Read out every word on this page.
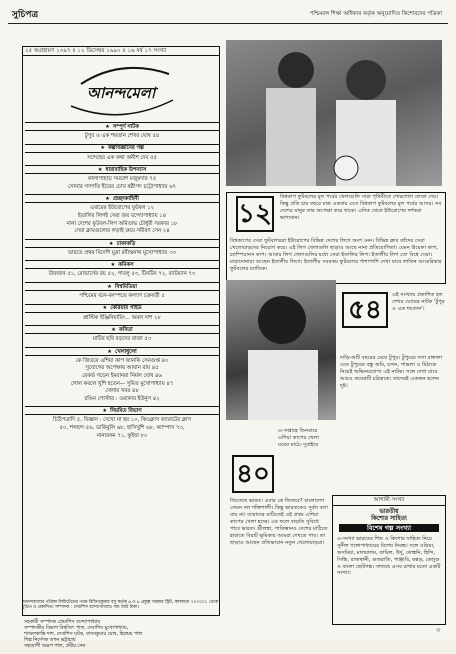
সুচিপত্র	পশ্চিমবঙ্গ শিক্ষা অধিকার কর্তৃক অনুমোদিত কিশোরদের পত্রিকা
২৫ অগ্রহায়ণ ১৩৯৭ ॥ ১২ ডিসেম্বর ১৯৯০ ॥ ১৬ বর্ষ ১৭ সংখ্যা
আনন্দমেলা
★ সম্পূর্ণ নাটক
টুপুর ও এক শয়তান শেখর ঘোষ ৫৪
★ কল্পবিজ্ঞানের গল্প
সন্দেহের এক কথা অনীশ দেব ৫৫
★ ধারাবাহিক উপন্যাস
কালাপাহাড় সমরেশ মজুমদার ৭৫
সোনার গণপতি হীরের চোখ ষষ্ঠীপদ চট্টোপাধ্যায় ৬৭
★ প্রচ্ছদকাহিনী
এবারের ইউরোপের ফুটবল ১২
ইতালির লিগই সেরা জয় বন্দ্যোপাধ্যায় ১৪
নানা দেশের ফুটবল-লিগ অমিতাভ চৌধুরী সরকার ১৮
সেরা ক্লাবগুলোর লড়াই ক্রমে সমীরণ সেন ২৪
★ ঢাকাকড়ি
ভারতে প্রথম বিদেশি মুদ্রা রবীন্দ্রনাথ মুখোপাধ্যায় ৩৩
★ কমিকস
টারজান ৫১, রোভার্সের রয় ৫২, গাবলু ৫৩, টিনটিন ৭২, ব্যাটম্যান ৭৩
★ বিশ্বমিডিয়া
পশ্চিমের বনে-বনস্পতে কল্যাণ চক্রবর্তী ৫
★ কেরিয়ার গাইড
প্লাস্টিক ইঞ্জিনিয়ারিং... অমল দাশ ২৮
★ কবিতা
মাটির ছবি বড়দের রাজা ৫৩
★ খেলাধুলো
কে জিতবে এশিয়া কাপ জানকি সেনগুপ্ত ৪০
সুযোগের অপেক্ষায় আয়ান রায় ৪৫
রেকর্ড গড়েন ইমরানরা নির্মল ঘোষ ৪৬
গোল করলে খুশি হতেন— সুমিত মুখোপাধ্যায় ৪৭
খেলার খবর ৪৮
রঙিন পোস্টার : ওয়াকার ইউনুস ৪২
★ নিয়মিত বিভাগ
চিঠিপত্রাদি ৫, বিজ্ঞান : দেখো না হয় ১০, কিওক্লাস ক্যারাটের ক্লাস
৫০, শব্দছন্দ ৫৬, ডাকিবুলি ৬৮, হাসিখুশি ৬৮, ক্যাম্পাস ৭৩,
নানারকম ৭১, কুইজ ৮০
সহকারী সম্পাদক প্রেমাশিস বন্দ্যোপাধ্যায়
সম্পাদকীয় বিভাগ বিশ্বজিৎ পাল, দেবাশিস মুখোপাধ্যায়,
শ্যামলকান্তি দাশ, দেবাশিস ঘটক, বাসবকুমার ঘোষ, হিরন্ময় পাল
শিল্প নির্দেশক তপন ভট্টাচার্য
সহযোগী অরূপ পাল, প্রবীর সেন
১২
বিশ্বকাপ ফুটবলের মূল পর্বের খেলাগুলি সারা পৃথিবীতে শোরগোল ফেলে দেয়। কিন্তু প্রতি চার বছরে মাত্র একবার এসে বিশ্বকাপ ফুটবলের মূল পর্বের আসর। সব দেশের মানুষ তার অপেক্ষা করে থাকে। এদিক থেকে ইউরোপের দর্শকরা ভাগ্যবান।
বিশ্বকাপের সেরা ফুটবলাররা ইউরোপের বিভিন্ন দেশের লিগে অংশ নেন। বিভিন্ন ক্লাব তাঁদের সেরা খেলোয়াড়দের নিয়োগ করে। এই লিগ খেলাগুলি ছাড়াও আছে নানা প্রতিযোগিতা। যেমন উয়েফা কাপ, চ্যাম্পিয়ানস কাপ। আবার লিগ খেলাগুলির মধ্যে সেরা ইতালির লিগ। ইতালীয় লিগ তো বিশ্বে সেরা। মারাদোনারা আছেন ইতালীয় লিগে। ইতালীয় সবরকম ফুটবলের পাশাপাশি দেখা যাবে লাতিন আমেরিকার ফুটবলের ম্যাজিক।
৫৪	এই সংখ্যায় প্রকাশিত হল শেখর ঘোষের নাটক 'টুপুর ও এক শয়তান'।
দাড়ি-অটি বছরের মেয়ে টুপুর। টুপুরের দাদা বাঙ্গালা এবং টুপুরের বন্ধু অমি, চন্দন, পাভলা ও মিঠাকে নিয়েই অভিনয়যোগ্য এই নাটক। সঙ্গে দেখা যাবে আরও কয়েকটি চরিত্রকে। তাদেরই একজন হলেন দুষ্ট।
৪০
এ-সপ্তাহে তিনবারে এশিয়া কাপের খেলা ঘরের মাঠে। দুবাইয়ে
জিতেছে ভারত। এবার কে জিতবে? বাংলাদেশ তেমন দল শক্তিশালী। কিন্তু ভারতকেও দুর্বল বলা যায় না। তারাদের মাঠিতেই এই প্রথম এশিয়া কাপের খেলা হচ্ছে। এর ফলে বাড়তি সুবিধে পাবে ভারত। শ্রীলঙ্কা, পাকিস্তানও দেশের মাঠিতে হারাতে বিরাট ভূমিকায় আমরা দেখতে পাব। তা ছাড়াও আছেন প্রতিভাবান নতুন খেলোয়াড়রা।
আগামী সংখ্যা
ভারতীয়
কিশোর সাহিত্য
বিশেষ গল্প সংখ্যা
এ-সংখ্যা ভারতের শিশু ও কিশোর সাহিত্য নিয়ে সুনীল গঙ্গোপাধ্যায়ের বিশেষ নিবন্ধ। সঙ্গে ওড়িয়া, অসমিয়া, মালয়ালম, তামিল, উর্দু, কোঙ্কনি, হিন্দি, সিন্ধি, রাজস্থানী, গুজরাতি, পাঞ্জাবি, কন্নড়, তেলুগু ও বাংলা ছোটগল্প। সাজছে এসব রাখার মতো একটি সংখ্যা।
আনন্দবাজার পত্রিকা লিমিটেডের পক্ষে বিজিতকুমার বসু কর্তৃক ৬ ও ৯ প্রফুল্ল সরকার স্ট্রিট, কলকাতা ৭০০০০১ থেকে মুদ্রিত ও প্রকাশিত। সম্পাদক : দেবাশিস বন্দ্যোপাধ্যায়। দাম আট টাকা।
৩
